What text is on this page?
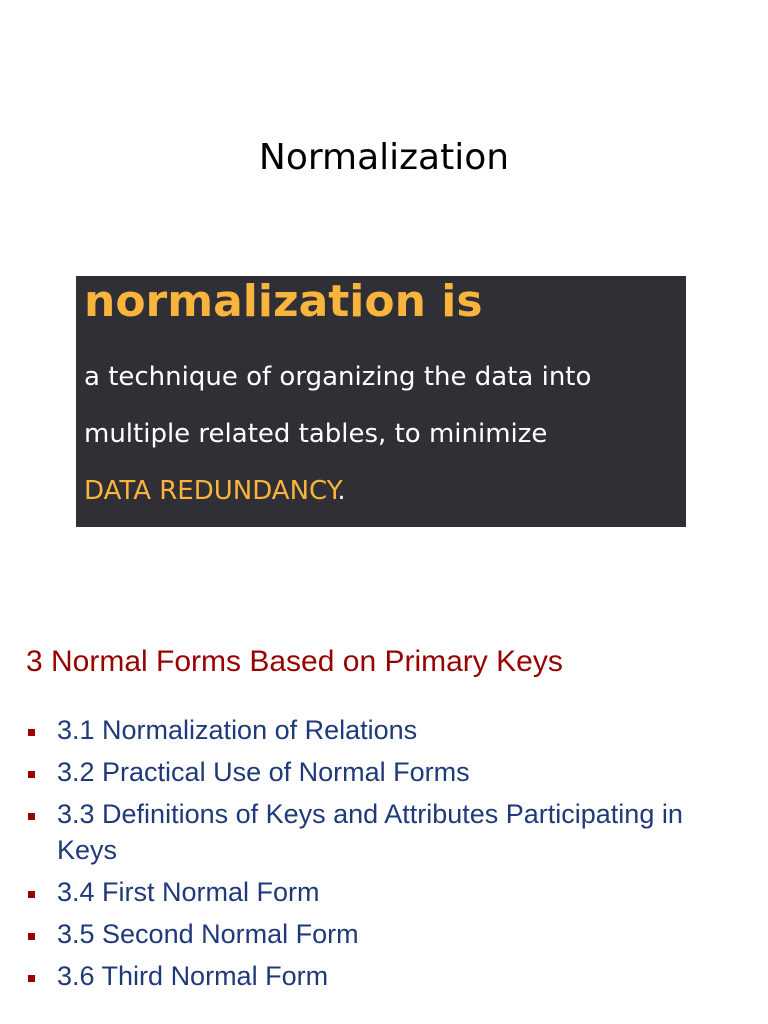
Normalization
normalization is
a technique of organizing the data into
multiple related tables, to minimize
DATA REDUNDANCY.
3 Normal Forms Based on Primary Keys
3.1 Normalization of Relations
3.2 Practical Use of Normal Forms
3.3 Definitions of Keys and Attributes Participating in Keys
3.4 First Normal Form
3.5 Second Normal Form
3.6 Third Normal Form
